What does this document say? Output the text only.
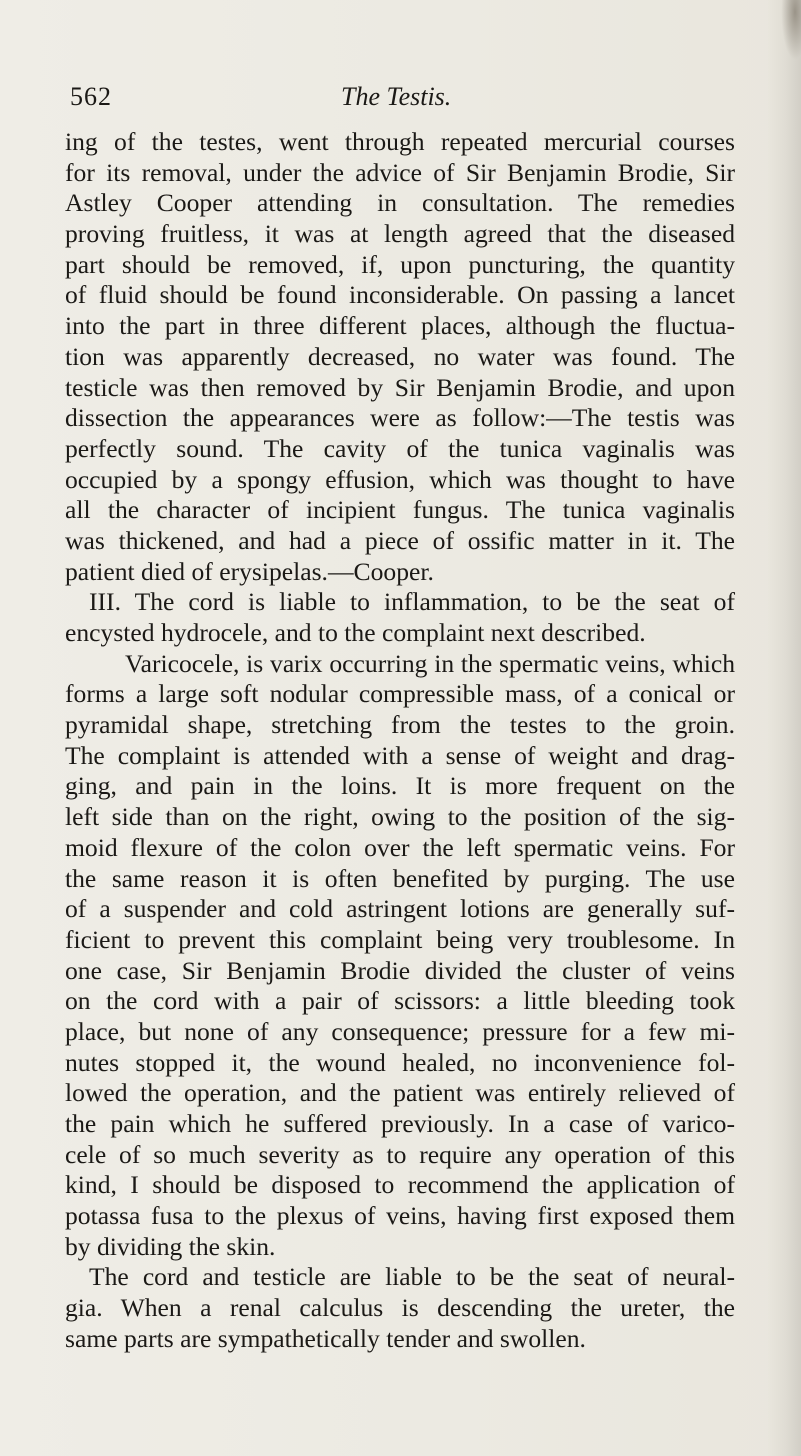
562	The Testis.
ing of the testes, went through repeated mercurial courses
for its removal, under the advice of Sir Benjamin Brodie, Sir
Astley Cooper attending in consultation. The remedies
proving fruitless, it was at length agreed that the diseased
part should be removed, if, upon puncturing, the quantity
of fluid should be found inconsiderable. On passing a lancet
into the part in three different places, although the fluctua-
tion was apparently decreased, no water was found. The
testicle was then removed by Sir Benjamin Brodie, and upon
dissection the appearances were as follow:—The testis was
perfectly sound. The cavity of the tunica vaginalis was
occupied by a spongy effusion, which was thought to have
all the character of incipient fungus. The tunica vaginalis
was thickened, and had a piece of ossific matter in it. The
patient died of erysipelas.—Cooper.
III. The cord is liable to inflammation, to be the seat of
encysted hydrocele, and to the complaint next described.
Varicocele, is varix occurring in the spermatic veins, which
forms a large soft nodular compressible mass, of a conical or
pyramidal shape, stretching from the testes to the groin.
The complaint is attended with a sense of weight and drag-
ging, and pain in the loins. It is more frequent on the
left side than on the right, owing to the position of the sig-
moid flexure of the colon over the left spermatic veins. For
the same reason it is often benefited by purging. The use
of a suspender and cold astringent lotions are generally suf-
ficient to prevent this complaint being very troublesome. In
one case, Sir Benjamin Brodie divided the cluster of veins
on the cord with a pair of scissors: a little bleeding took
place, but none of any consequence; pressure for a few mi-
nutes stopped it, the wound healed, no inconvenience fol-
lowed the operation, and the patient was entirely relieved of
the pain which he suffered previously. In a case of varico-
cele of so much severity as to require any operation of this
kind, I should be disposed to recommend the application of
potassa fusa to the plexus of veins, having first exposed them
by dividing the skin.
The cord and testicle are liable to be the seat of neural-
gia. When a renal calculus is descending the ureter, the
same parts are sympathetically tender and swollen.
